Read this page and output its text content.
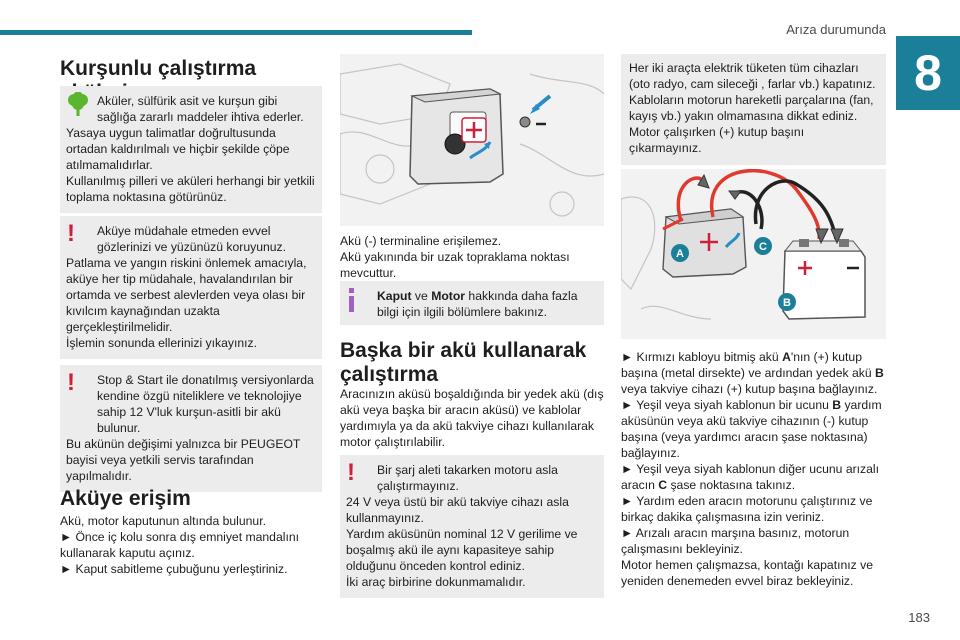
Arıza durumunda
8
183
Kurşunlu çalıştırma

Aküler, sülfürik asit ve kurşun gibi sağlığa zararlı maddeler ihtiva ederler.

Yasaya uygun talimatlar doğrultusunda ortadan kaldırılmalı ve hiçbir şekilde çöpe atılmamalıdırlar.

Kullanılmış pilleri ve aküleri herhangi bir yetkili toplama noktasına götürünüz.

!	Aküye müdahale etmeden evvel gözlerinizi ve yüzünüzü koruyunuz.

Patlama ve yangın riskini önlemek amacıyla, aküye her tip müdahale, havalandırılan bir ortamda ve serbest alevlerden veya olası bir kıvılcım kaynağından uzakta gerçekleştirilmelidir.

İşlemin sonunda ellerinizi yıkayınız.

!	Stop & Start ile donatılmış versiyonlarda kendine özgü niteliklere ve teknolojiye sahip 12 V'luk kurşun-asitli bir akü bulunur.

Bu akünün değişimi yalnızca bir PEUGEOT bayisi veya yetkili servis tarafından yapılmalıdır.

Aküye erişim

Akü, motor kaputunun altında bulunur.

► Önce iç kolu sonra dış emniyet mandalını kullanarak kaputu açınız.

► Kaput sabitleme çubuğunu yerleştiriniz.

Akü (-) terminaline erişilemez.

Akü yakınında bir uzak topraklama noktası mevcuttur.

Kaput ve Motor hakkında daha fazla bilgi için ilgili bölümlere bakınız.

Başka bir akü kullanarak çalıştırma

Aracınızın aküsü boşaldığında bir yedek akü (dış akü veya başka bir aracın aküsü) ve kablolar yardımıyla ya da akü takviye cihazı kullanılarak motor çalıştırılabilir.

!	Bir şarj aleti takarken motoru asla çalıştırmayınız.

24 V veya üstü bir akü takviye cihazı asla kullanmayınız.

Yardım aküsünün nominal 12 V gerilime ve boşalmış akü ile aynı kapasiteye sahip olduğunu önceden kontrol ediniz.

İki araç birbirine dokunmamalıdır.

Her iki araçta elektrik tüketen tüm cihazları (oto radyo, cam sileceği , farlar vb.) kapatınız. Kabloların motorun hareketli parçalarına (fan, kayış vb.) yakın olmamasına dikkat ediniz. Motor çalışırken (+) kutup başını çıkarmayınız.

A
C
B

► Kırmızı kabloyu bitmiş akü A'nın (+) kutup başına (metal dirsekte) ve ardından yedek akü B veya takviye cihazı (+) kutup başına bağlayınız.

► Yeşil veya siyah kablonun bir ucunu B yardım aküsünün veya akü takviye cihazının (-) kutup başına (veya yardımcı aracın şase noktasına) bağlayınız.

► Yeşil veya siyah kablonun diğer ucunu arızalı aracın C şase noktasına takınız.

► Yardım eden aracın motorunu çalıştırınız ve birkaç dakika çalışmasına izin veriniz.

► Arızalı aracın marşına basınız, motorun çalışmasını bekleyiniz.

Motor hemen çalışmazsa, kontağı kapatınız ve yeniden denemeden evvel biraz bekleyiniz.
